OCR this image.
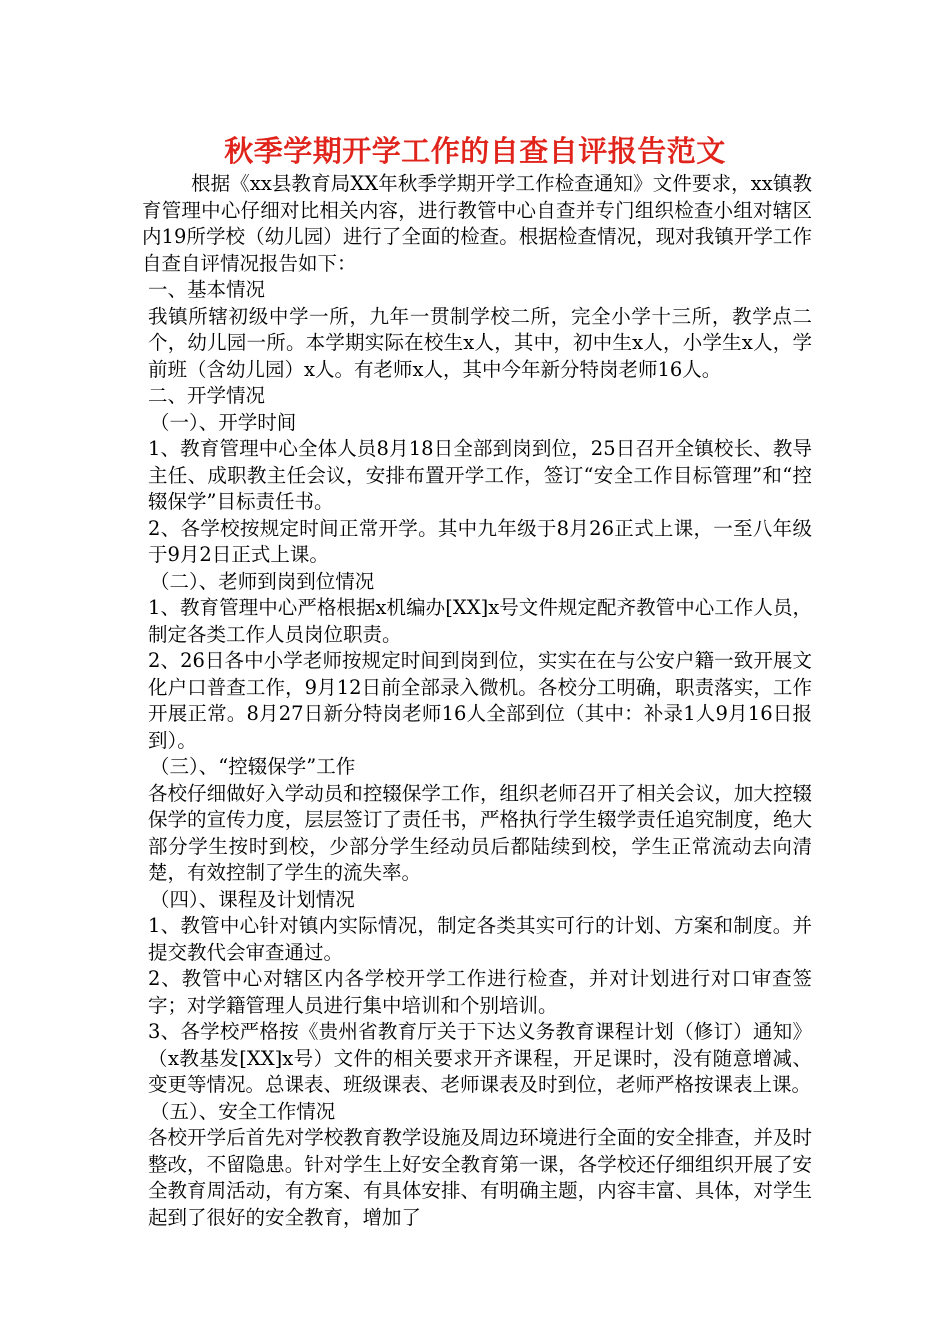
秋季学期开学工作的自查自评报告范文

根据《xx县教育局XX年秋季学期开学工作检查通知》文件要求，xx镇教育管理中心仔细对比相关内容，进行教管中心自查并专门组织检查小组对辖区内19所学校（幼儿园）进行了全面的检查。根据检查情况，现对我镇开学工作自查自评情况报告如下：

一、基本情况

我镇所辖初级中学一所，九年一贯制学校二所，完全小学十三所，教学点二个，幼儿园一所。本学期实际在校生x人，其中，初中生x人，小学生x人，学前班（含幼儿园）x人。有老师x人，其中今年新分特岗老师16人。

二、开学情况

（一）、开学时间

1、教育管理中心全体人员8月18日全部到岗到位，25日召开全镇校长、教导主任、成职教主任会议，安排布置开学工作，签订“安全工作目标管理”和“控辍保学”目标责任书。

2、各学校按规定时间正常开学。其中九年级于8月26正式上课，一至八年级于9月2日正式上课。

（二）、老师到岗到位情况

1、教育管理中心严格根据x机编办[XX]x号文件规定配齐教管中心工作人员，制定各类工作人员岗位职责。

2、26日各中小学老师按规定时间到岗到位，实实在在与公安户籍一致开展文化户口普查工作，9月12日前全部录入微机。各校分工明确，职责落实，工作开展正常。8月27日新分特岗老师16人全部到位（其中：补录1人9月16日报到）。

（三）、“控辍保学”工作

各校仔细做好入学动员和控辍保学工作，组织老师召开了相关会议，加大控辍保学的宣传力度，层层签订了责任书，严格执行学生辍学责任追究制度，绝大部分学生按时到校，少部分学生经动员后都陆续到校，学生正常流动去向清楚，有效控制了学生的流失率。

（四）、课程及计划情况

1、教管中心针对镇内实际情况，制定各类其实可行的计划、方案和制度。并提交教代会审查通过。

2、教管中心对辖区内各学校开学工作进行检查，并对计划进行对口审查签字；对学籍管理人员进行集中培训和个别培训。

3、各学校严格按《贵州省教育厅关于下达义务教育课程计划（修订）通知》（x教基发[XX]x号）文件的相关要求开齐课程，开足课时，没有随意增减、变更等情况。总课表、班级课表、老师课表及时到位，老师严格按课表上课。

（五）、安全工作情况

各校开学后首先对学校教育教学设施及周边环境进行全面的安全排查，并及时整改，不留隐患。针对学生上好安全教育第一课，各学校还仔细组织开展了安全教育周活动，有方案、有具体安排、有明确主题，内容丰富、具体，对学生起到了很好的安全教育，增加了
